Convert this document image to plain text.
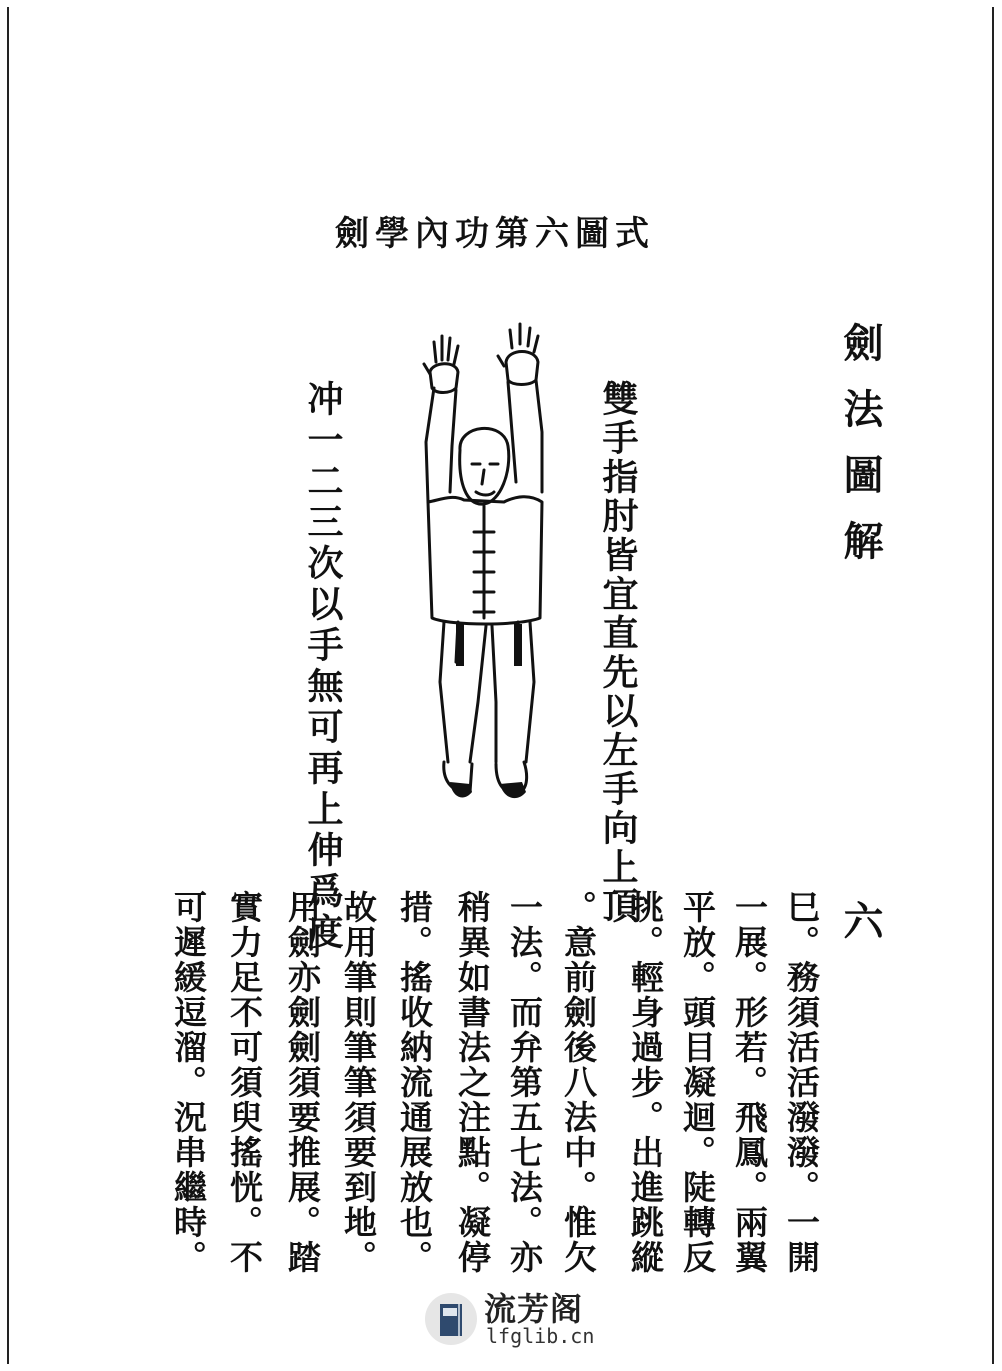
劍學內功第六圖式
劍法圖解
雙手指肘皆宜直先以左手向上頂
冲一二三次以手無可再上伸爲度	六
巳。務須活活潑潑。一開
一展。形若。飛鳳。兩翼
平放。頭目凝迴。陡轉反
挑。輕身過步。出進跳縱
。意前劍後八法中。惟欠
一法。而弁第五七法。亦
稍異如書法之注點。凝停
措。搖收納流通展放也。
故用筆則筆筆須要到地。
用劍亦劍劍須要推展。踏
實力足不可須臾搖恍。不
可遲緩逗溜。況串繼時。
流芳阁
lfglib.cn
